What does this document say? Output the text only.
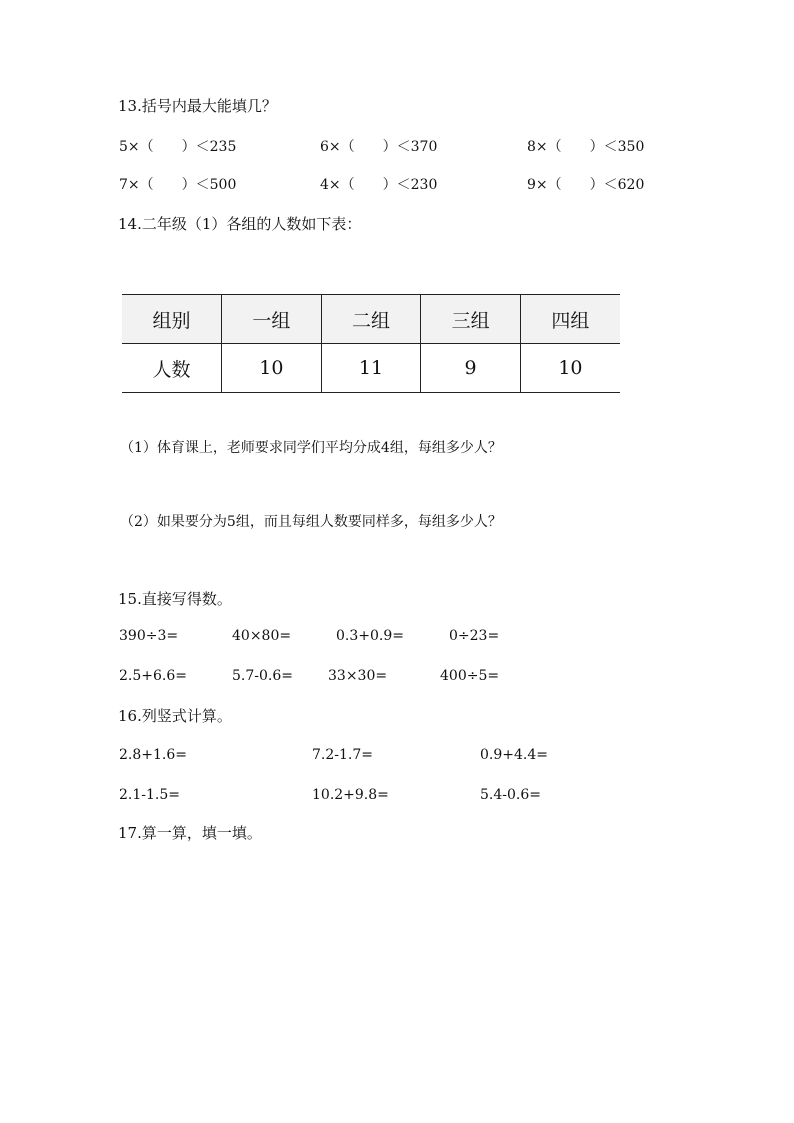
13.括号内最大能填几？
5×（　　）＜235	6×（　　）＜370	8×（　　）＜350
7×（　　）＜500	4×（　　）＜230	9×（　　）＜620
14.二年级（1）各组的人数如下表：
组别	一组	二组	三组	四组
人数	10	11	9	10
（1）体育课上，老师要求同学们平均分成4组，每组多少人？
（2）如果要分为5组，而且每组人数要同样多，每组多少人？
15.直接写得数。
390÷3=	40×80=	0.3+0.9=	0÷23=
2.5+6.6=	5.7-0.6=	33×30=	400÷5=
16.列竖式计算。
2.8+1.6=	7.2-1.7=	0.9+4.4=
2.1-1.5=	10.2+9.8=	5.4-0.6=
17.算一算，填一填。
